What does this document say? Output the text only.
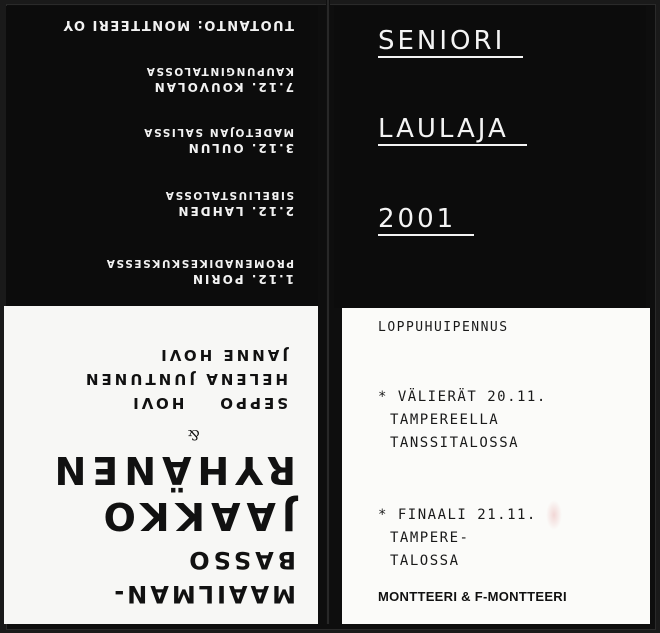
1.12. PORIN
PROMENADIKESKUKSESSA
2.12. LAHDEN
SIBELIUSTALOSSA
3.12. OULUN
MADETOJAN SALISSA
7.12. KOUVOLAN
KAUPUNGINTALOSSA
TUOTANTO: MONTTEERI OY
MAAILMAN-
BASSO
JAAKKO
RYHÄNEN
&
SEPPO    HOVI
HELENA JUNTUNEN
JANNE HOVI
SENIORI
LAULAJA
2001
LOPPUHUIPENNUS
* VÄLIERÄT 20.11.
TAMPEREELLA
TANSSITALOSSA
* FINAALI 21.11.
TAMPERE-
TALOSSA
MONTTEERI & F-MONTTEERI
